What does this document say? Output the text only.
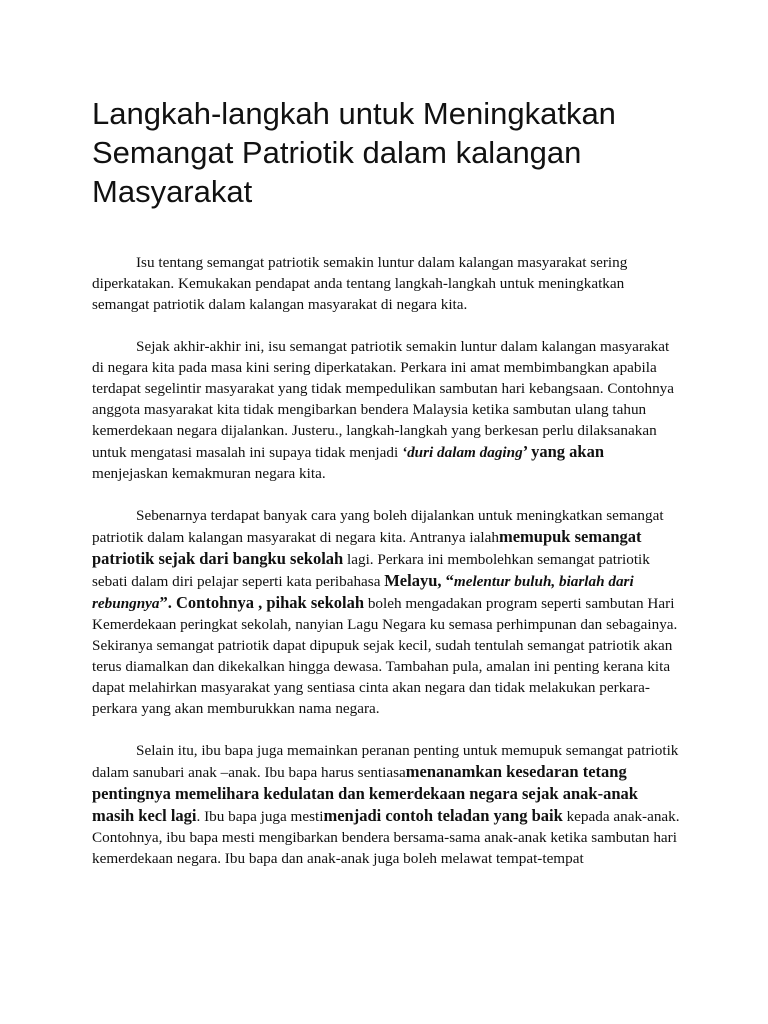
Langkah-langkah untuk Meningkatkan Semangat Patriotik dalam kalangan Masyarakat

Isu tentang semangat patriotik semakin luntur dalam kalangan masyarakat sering diperkatakan. Kemukakan pendapat anda tentang langkah-langkah untuk meningkatkan semangat patriotik dalam kalangan masyarakat di negara kita.

Sejak akhir-akhir ini, isu semangat patriotik semakin luntur dalam kalangan masyarakat di negara kita pada masa kini sering diperkatakan. Perkara ini amat membimbangkan apabila terdapat segelintir masyarakat yang tidak mempedulikan sambutan hari kebangsaan. Contohnya anggota masyarakat kita tidak mengibarkan bendera Malaysia ketika sambutan ulang tahun kemerdekaan negara dijalankan. Justeru., langkah-langkah yang berkesan perlu dilaksanakan untuk mengatasi masalah ini supaya tidak menjadi ‘duri dalam daging’ yang akan menjejaskan kemakmuran negara kita.

Sebenarnya terdapat banyak cara yang boleh dijalankan untuk meningkatkan semangat patriotik dalam kalangan masyarakat di negara kita. Antranya ialahmemupuk semangat patriotik sejak dari bangku sekolah lagi. Perkara ini membolehkan semangat patriotik sebati dalam diri pelajar seperti kata peribahasa Melayu, “melentur buluh, biarlah dari rebungnya”. Contohnya , pihak sekolah boleh mengadakan program seperti sambutan Hari Kemerdekaan peringkat sekolah, nanyian Lagu Negara ku semasa perhimpunan dan sebagainya. Sekiranya semangat patriotik dapat dipupuk sejak kecil, sudah tentulah semangat patriotik akan terus diamalkan dan dikekalkan hingga dewasa. Tambahan pula, amalan ini penting kerana kita dapat melahirkan masyarakat yang sentiasa cinta akan negara dan tidak melakukan perkara-perkara yang akan memburukkan nama negara.

Selain itu, ibu bapa juga memainkan peranan penting untuk memupuk semangat patriotik dalam sanubari anak –anak. Ibu bapa harus sentiasamenanamkan kesedaran tetang pentingnya memelihara kedulatan dan kemerdekaan negara sejak anak-anak masih kecl lagi. Ibu bapa juga mestimenjadi contoh teladan yang baik kepada anak-anak. Contohnya, ibu bapa mesti mengibarkan bendera bersama-sama anak-anak ketika sambutan hari kemerdekaan negara. Ibu bapa dan anak-anak juga boleh melawat tempat-tempat
